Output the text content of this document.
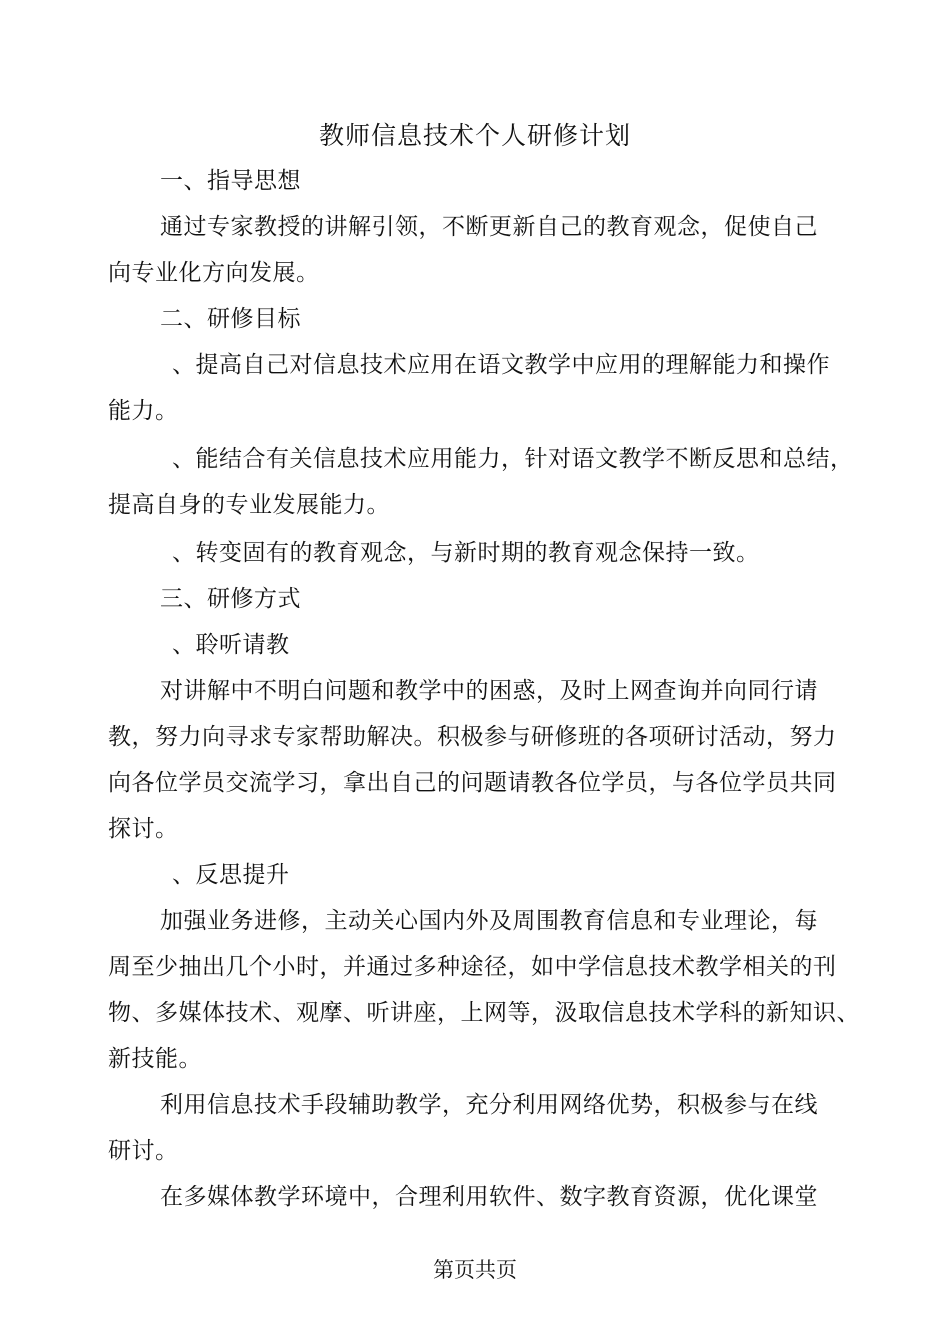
教师信息技术个人研修计划
一、指导思想
通过专家教授的讲解引领，不断更新自己的教育观念，促使自己
向专业化方向发展。
二、研修目标
、提高自己对信息技术应用在语文教学中应用的理解能力和操作
能力。
、能结合有关信息技术应用能力，针对语文教学不断反思和总结，
提高自身的专业发展能力。
、转变固有的教育观念，与新时期的教育观念保持一致。
三、研修方式
、聆听请教
对讲解中不明白问题和教学中的困惑，及时上网查询并向同行请
教，努力向寻求专家帮助解决。积极参与研修班的各项研讨活动，努力
向各位学员交流学习，拿出自己的问题请教各位学员，与各位学员共同
探讨。
、反思提升
加强业务进修，主动关心国内外及周围教育信息和专业理论，每
周至少抽出几个小时，并通过多种途径，如中学信息技术教学相关的刊
物、多媒体技术、观摩、听讲座，上网等，汲取信息技术学科的新知识、
新技能。
利用信息技术手段辅助教学，充分利用网络优势，积极参与在线
研讨。
在多媒体教学环境中，合理利用软件、数字教育资源，优化课堂
第页共页
